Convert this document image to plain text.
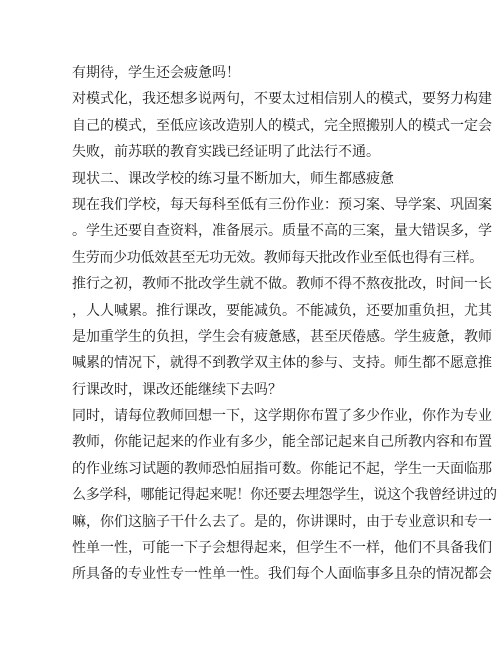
有期待，学生还会疲惫吗！
对模式化，我还想多说两句，不要太过相信别人的模式，要努力构建
自己的模式，至低应该改造别人的模式，完全照搬别人的模式一定会
失败，前苏联的教育实践已经证明了此法行不通。
现状二、课改学校的练习量不断加大，师生都感疲惫
现在我们学校，每天每科至低有三份作业：预习案、导学案、巩固案
。学生还要自查资料，准备展示。质量不高的三案，量大错误多，学
生劳而少功低效甚至无功无效。教师每天批改作业至低也得有三样。
推行之初，教师不批改学生就不做。教师不得不熬夜批改，时间一长
，人人喊累。推行课改，要能减负。不能减负，还要加重负担，尤其
是加重学生的负担，学生会有疲惫感，甚至厌倦感。学生疲惫，教师
喊累的情况下，就得不到教学双主体的参与、支持。师生都不愿意推
行课改时，课改还能继续下去吗？
同时，请每位教师回想一下，这学期你布置了多少作业，你作为专业
教师，你能记起来的作业有多少，能全部记起来自己所教内容和布置
的作业练习试题的教师恐怕屈指可数。你能记不起，学生一天面临那
么多学科，哪能记得起来呢！你还要去埋怨学生，说这个我曾经讲过的
嘛，你们这脑子干什么去了。是的，你讲课时，由于专业意识和专一
性单一性，可能一下子会想得起来，但学生不一样，他们不具备我们
所具备的专业性专一性单一性。我们每个人面临事多且杂的情况都会
